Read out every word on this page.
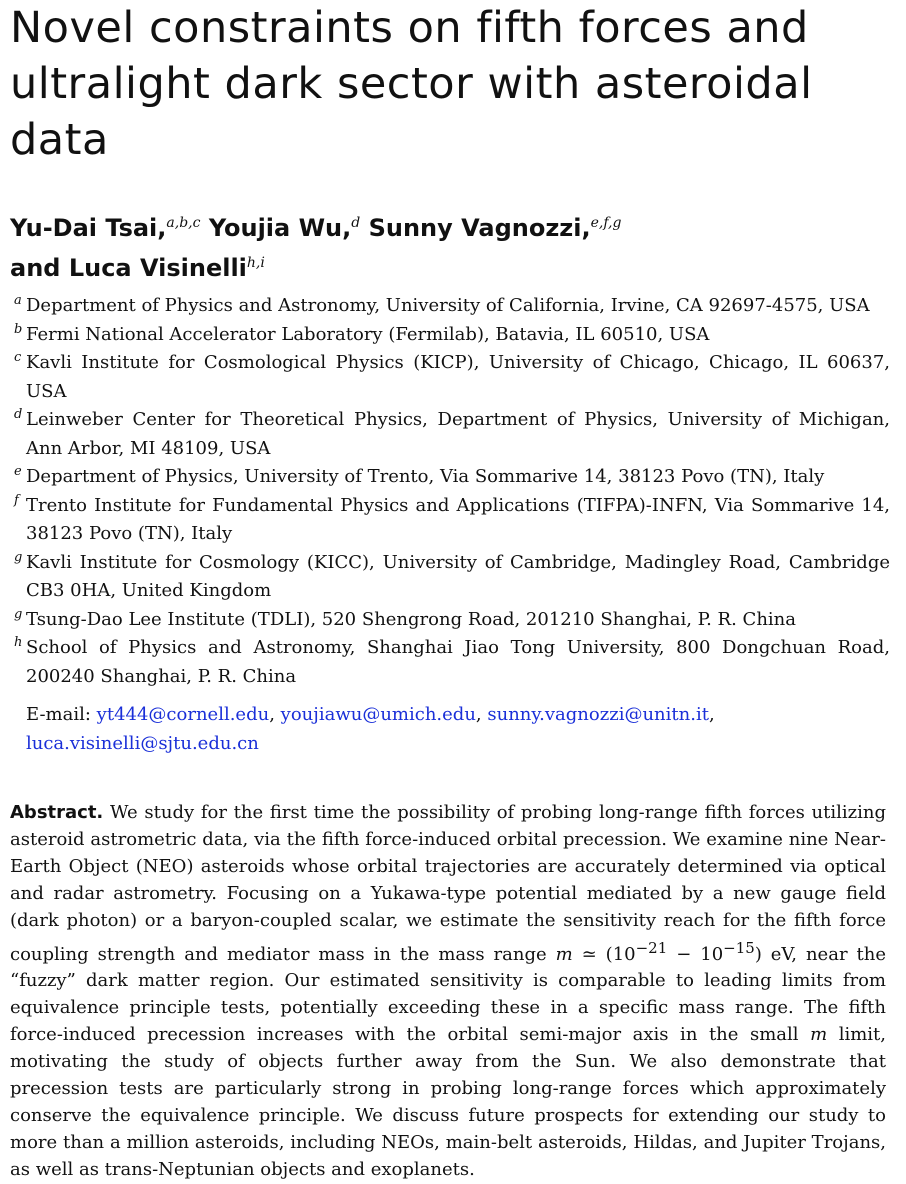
Novel constraints on fifth forces and ultralight dark sector with asteroidal data
Yu-Dai Tsai,$^{a,b,c}$ Youjia Wu,$^d$ Sunny Vagnozzi,$^{e,f,g}$
and Luca Visinelli$^{h,i}$
a Department of Physics and Astronomy, University of California, Irvine, CA 92697-4575, USA
b Fermi National Accelerator Laboratory (Fermilab), Batavia, IL 60510, USA
c Kavli Institute for Cosmological Physics (KICP), University of Chicago, Chicago, IL 60637, USA
d Leinweber Center for Theoretical Physics, Department of Physics, University of Michigan, Ann Arbor, MI 48109, USA
e Department of Physics, University of Trento, Via Sommarive 14, 38123 Povo (TN), Italy
f Trento Institute for Fundamental Physics and Applications (TIFPA)-INFN, Via Sommarive 14, 38123 Povo (TN), Italy
g Kavli Institute for Cosmology (KICC), University of Cambridge, Madingley Road, Cambridge CB3 0HA, United Kingdom
g Tsung-Dao Lee Institute (TDLI), 520 Shengrong Road, 201210 Shanghai, P. R. China
h School of Physics and Astronomy, Shanghai Jiao Tong University, 800 Dongchuan Road, 200240 Shanghai, P. R. China
E-mail: yt444@cornell.edu, youjiawu@umich.edu, sunny.vagnozzi@unitn.it,
luca.visinelli@sjtu.edu.cn
Abstract. We study for the first time the possibility of probing long-range fifth forces utilizing asteroid astrometric data, via the fifth force-induced orbital precession. We examine nine Near-Earth Object (NEO) asteroids whose orbital trajectories are accurately determined via optical and radar astrometry. Focusing on a Yukawa-type potential mediated by a new gauge field (dark photon) or a baryon-coupled scalar, we estimate the sensitivity reach for the fifth force coupling strength and mediator mass in the mass range m ≃ $(10^{-21} - 10^{-15})$ eV, near the “fuzzy” dark matter region. Our estimated sensitivity is comparable to leading limits from equivalence principle tests, potentially exceeding these in a specific mass range. The fifth force-induced precession increases with the orbital semi-major axis in the small m limit, motivating the study of objects further away from the Sun. We also demonstrate that precession tests are particularly strong in probing long-range forces which approximately conserve the equivalence principle. We discuss future prospects for extending our study to more than a million asteroids, including NEOs, main-belt asteroids, Hildas, and Jupiter Trojans, as well as trans-Neptunian objects and exoplanets.
